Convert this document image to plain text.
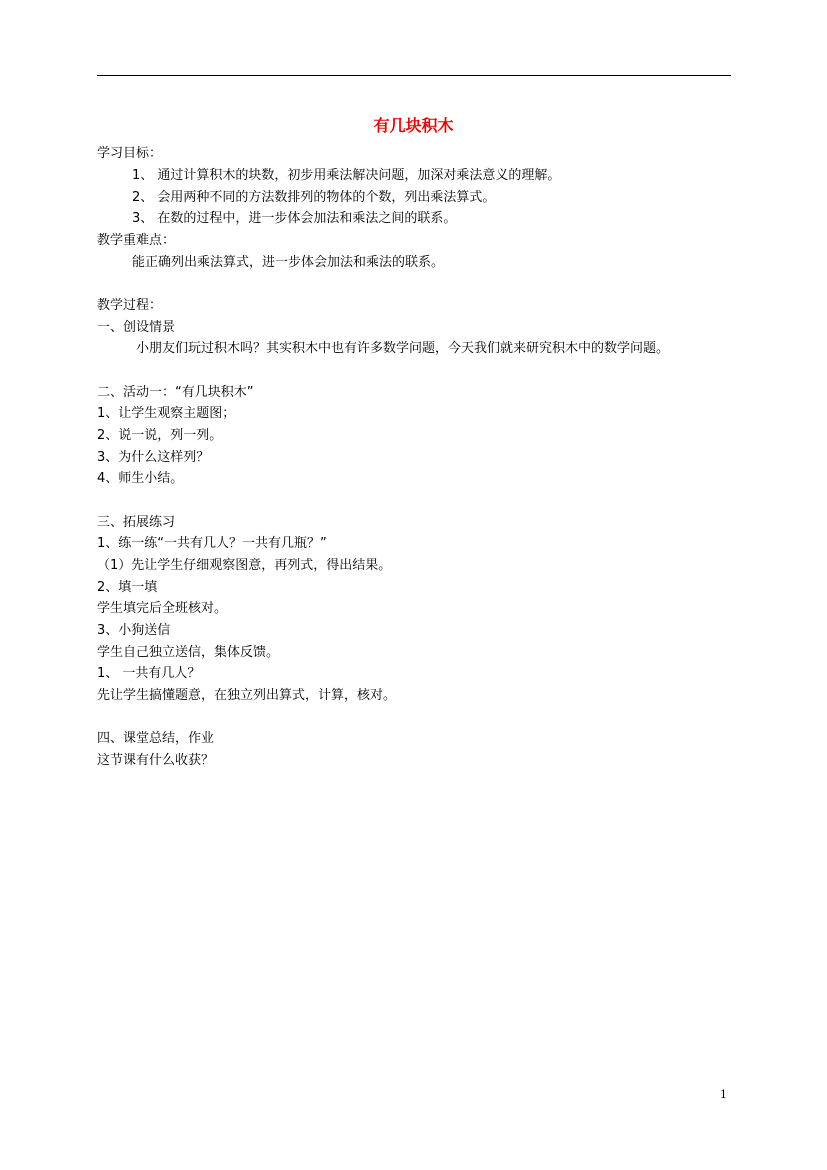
有几块积木
学习目标：
1、 通过计算积木的块数，初步用乘法解决问题，加深对乘法意义的理解。
2、 会用两种不同的方法数排列的物体的个数，列出乘法算式。
3、 在数的过程中，进一步体会加法和乘法之间的联系。
教学重难点：
能正确列出乘法算式，进一步体会加法和乘法的联系。
教学过程：
一、创设情景
小朋友们玩过积木吗？其实积木中也有许多数学问题，今天我们就来研究积木中的数学问题。
二、活动一：“有几块积木”
1、让学生观察主题图；
2、说一说，列一列。
3、为什么这样列？
4、师生小结。
三、拓展练习
1、练一练“一共有几人？一共有几瓶？”
（1）先让学生仔细观察图意，再列式，得出结果。
2、填一填
学生填完后全班核对。
3、小狗送信
学生自己独立送信，集体反馈。
1、 一共有几人？
先让学生搞懂题意，在独立列出算式，计算，核对。
四、课堂总结，作业
这节课有什么收获？
1
